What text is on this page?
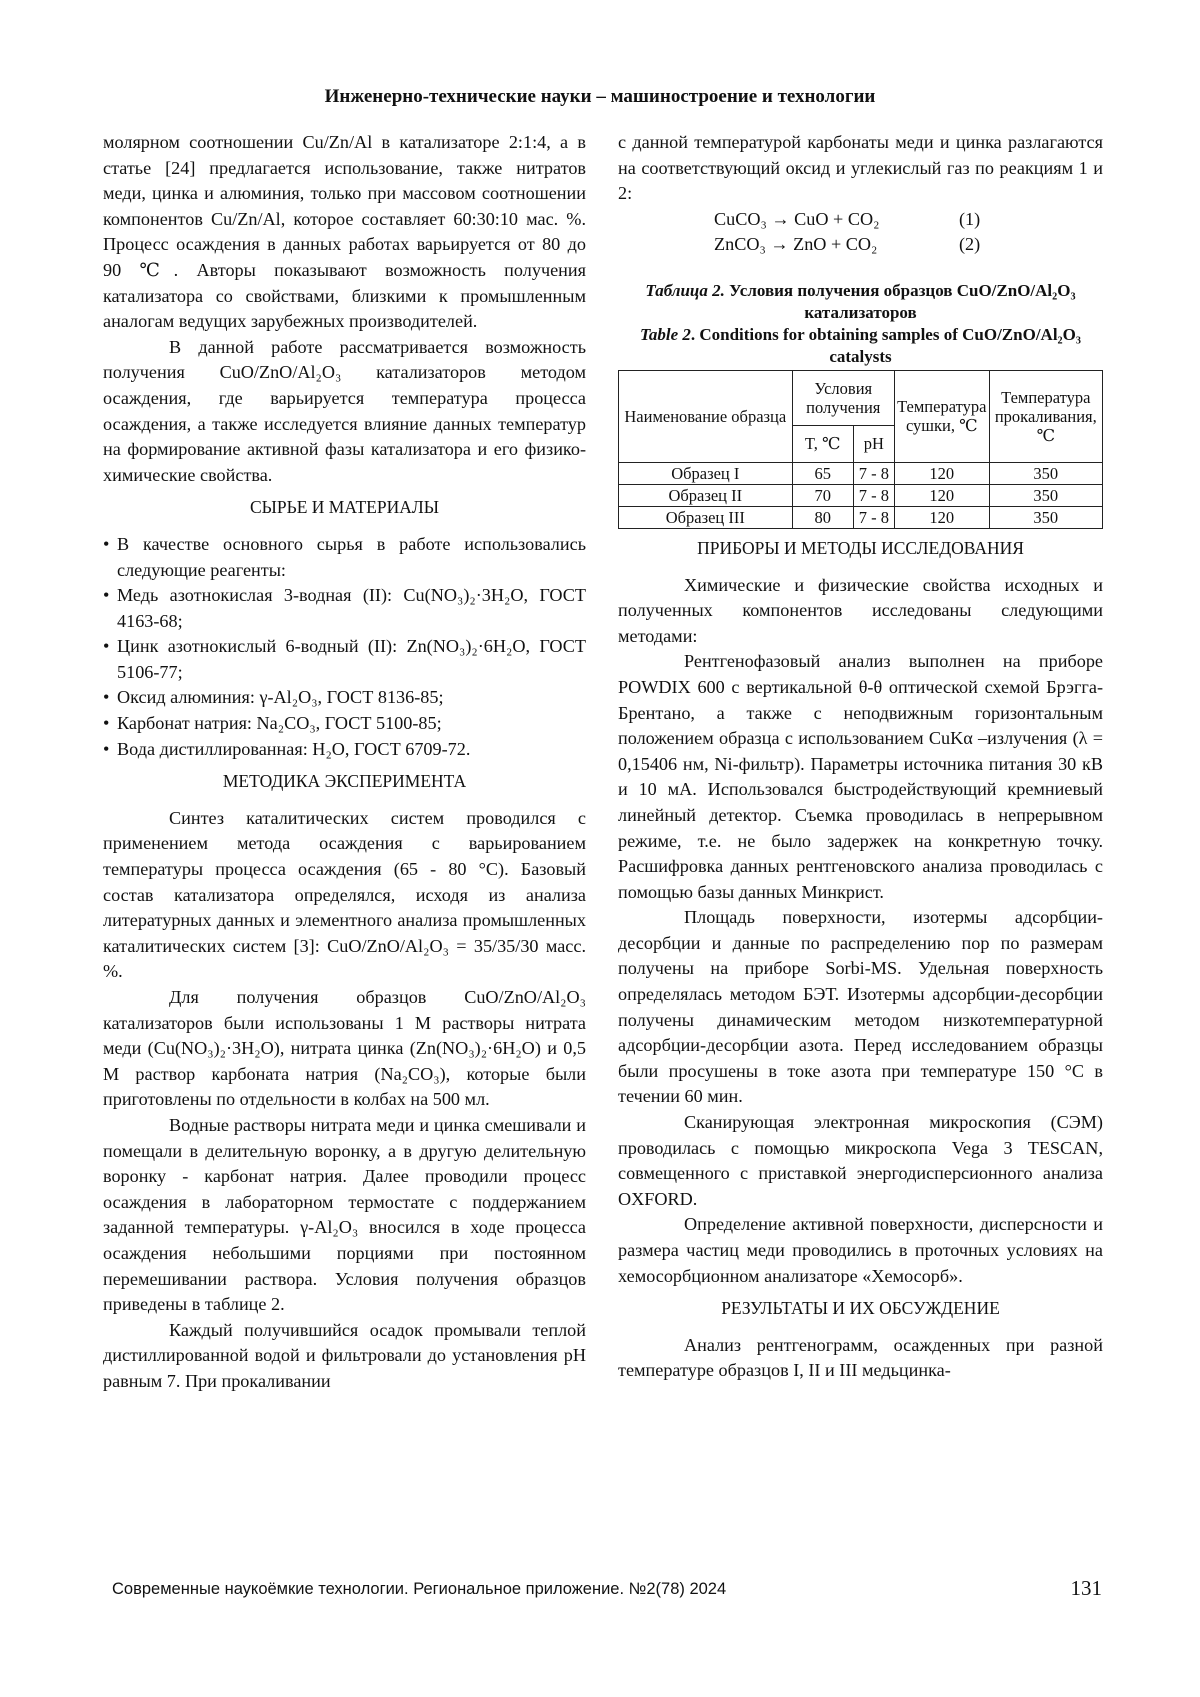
Инженерно-технические науки – машиностроение и технологии

молярном соотношении Cu/Zn/Al в катализаторе 2:1:4, а в статье [24] предлагается использование, также нитратов меди, цинка и алюминия, только при массовом соотношении компонентов Cu/Zn/Al, которое составляет 60:30:10 мас. %. Процесс осаждения в данных работах варьируется от 80 до 90 ℃. Авторы показывают возможность получения катализатора со свойствами, близкими к промышленным аналогам ведущих зарубежных производителей.

В данной работе рассматривается возможность получения CuO/ZnO/Al₂O₃ катализаторов методом осаждения, где варьируется температура процесса осаждения, а также исследуется влияние данных температур на формирование активной фазы катализатора и его физико-химические свойства.

СЫРЬЕ И МАТЕРИАЛЫ

• В качестве основного сырья в работе использовались следующие реагенты:
• Медь азотнокислая 3-водная (II): Cu(NO₃)₂·3H₂O, ГОСТ 4163-68;
• Цинк азотнокислый 6-водный (II): Zn(NO₃)₂·6H₂O, ГОСТ 5106-77;
• Оксид алюминия: γ-Al₂O₃, ГОСТ 8136-85;
• Карбонат натрия: Na₂CO₃, ГОСТ 5100-85;
• Вода дистиллированная: H₂O, ГОСТ 6709-72.

МЕТОДИКА ЭКСПЕРИМЕНТА

Синтез каталитических систем проводился с применением метода осаждения с варьированием температуры процесса осаждения (65 - 80 °C). Базовый состав катализатора определялся, исходя из анализа литературных данных и элементного анализа промышленных каталитических систем [3]: CuO/ZnO/Al₂O₃ = 35/35/30 масс. %.

Для получения образцов CuO/ZnO/Al₂O₃ катализаторов были использованы 1 М растворы нитрата меди (Cu(NO₃)₂·3H₂O), нитрата цинка (Zn(NO₃)₂·6H₂O) и 0,5 М раствор карбоната натрия (Na₂CO₃), которые были приготовлены по отдельности в колбах на 500 мл.

Водные растворы нитрата меди и цинка смешивали и помещали в делительную воронку, а в другую делительную воронку - карбонат натрия. Далее проводили процесс осаждения в лабораторном термостате с поддержанием заданной температуры. γ-Al₂O₃ вносился в ходе процесса осаждения небольшими порциями при постоянном перемешивании раствора. Условия получения образцов приведены в таблице 2.

Каждый получившийся осадок промывали теплой дистиллированной водой и фильтровали до установления pH равным 7. При прокаливании

с данной температурой карбонаты меди и цинка разлагаются на соответствующий оксид и углекислый газ по реакциям 1 и 2:

CuCO₃ → CuO + CO₂	(1)
ZnCO₃ → ZnO + CO₂	(2)

Таблица 2. Условия получения образцов CuO/ZnO/Al₂O₃ катализаторов
Table 2. Conditions for obtaining samples of CuO/ZnO/Al₂O₃ catalysts

Наименование образца	Условия получения		Температура сушки, ℃	Температура прокаливания, ℃
	T, ℃	pH		
Образец I	65	7 - 8	120	350
Образец II	70	7 - 8	120	350
Образец III	80	7 - 8	120	350

ПРИБОРЫ И МЕТОДЫ ИССЛЕДОВАНИЯ

Химические и физические свойства исходных и полученных компонентов исследованы следующими методами:

Рентгенофазовый анализ выполнен на приборе POWDIX 600 с вертикальной θ-θ оптической схемой Брэгга-Брентано, а также с неподвижным горизонтальным положением образца с использованием CuKα –излучения (λ = 0,15406 нм, Ni-фильтр). Параметры источника питания 30 кВ и 10 мА. Использовался быстродействующий кремниевый линейный детектор. Съемка проводилась в непрерывном режиме, т.е. не было задержек на конкретную точку. Расшифровка данных рентгеновского анализа проводилась с помощью базы данных Минкрист.

Площадь поверхности, изотермы адсорбции-десорбции и данные по распределению пор по размерам получены на приборе Sorbi-MS. Удельная поверхность определялась методом БЭТ. Изотермы адсорбции-десорбции получены динамическим методом низкотемпературной адсорбции-десорбции азота. Перед исследованием образцы были просушены в токе азота при температуре 150 °C в течении 60 мин.

Сканирующая электронная микроскопия (СЭМ) проводилась с помощью микроскопа Vega 3 TESCAN, совмещенного с приставкой энергодисперсионного анализа OXFORD.

Определение активной поверхности, дисперсности и размера частиц меди проводились в проточных условиях на хемосорбционном анализаторе «Хемосорб».

РЕЗУЛЬТАТЫ И ИХ ОБСУЖДЕНИЕ

Анализ рентгенограмм, осажденных при разной температуре образцов I, II и III медьцинка-

Современные наукоёмкие технологии. Региональное приложение. №2(78) 2024	131
